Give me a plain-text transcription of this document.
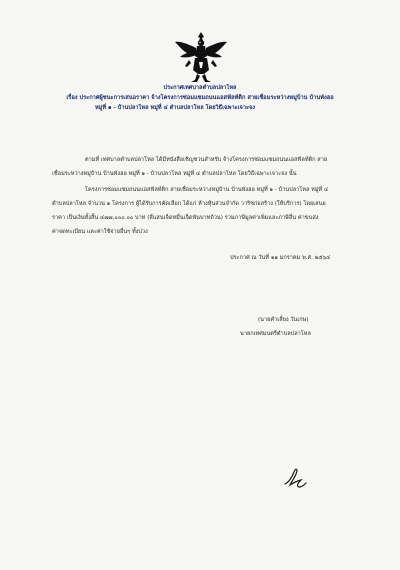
ประกาศเทศบาลตำบลปลาโหล
เรื่อง ประกาศผู้ชนะการเสนอราคา จ้างโครงการซ่อมแซมถนนแอสฟัลท์ติก สายเชื่อมระหว่างหมู่บ้าน บ้านพังฮอ
หมู่ที่ ๑ - บ้านปลาโหล หมู่ที่ ๔ ตำบลปลาโหล โดยวิธีเฉพาะเจาะจง
ตามที่ เทศบาลตำบลปลาโหล ได้มีหนังสือเชิญชวนสำหรับ จ้างโครงการซ่อมแซมถนนแอสฟัลท์ติก สาย
เชื่อมระหว่างหมู่บ้าน บ้านพังฮอ หมู่ที่ ๑ - บ้านปลาโหล หมู่ที่ ๔ ตำบลปลาโหล โดยวิธีเฉพาะเจาะจง นั้น
โครงการซ่อมแซมถนนแอสฟัลท์ติก สายเชื่อมระหว่างหมู่บ้าน บ้านพังฮอ หมู่ที่ ๑ - บ้านปลาโหล หมู่ที่ ๔
ตำบลปลาโหล จำนวน ๑ โครงการ ผู้ได้รับการคัดเลือก ได้แก่ ห้างหุ้นส่วนจำกัด วาริชก่อสร้าง (ให้บริการ) โดยเสนอ
ราคา เป็นเงินทั้งสิ้น ๔๗๗,๐๐๐.๐๐ บาท (สี่แสนเจ็ดหมื่นเจ็ดพันบาทถ้วน) รวมภาษีมูลค่าเพิ่มและภาษีอื่น ค่าขนส่ง
ค่าจดทะเบียน และค่าใช้จ่ายอื่นๆ ทั้งปวง
ประกาศ ณ วันที่ ๑๑ มกราคม พ.ศ. ๒๕๖๔
(นายคำเสี่ยง วันเกษ)
นายกเทศมนตรีตำบลปลาโหล
